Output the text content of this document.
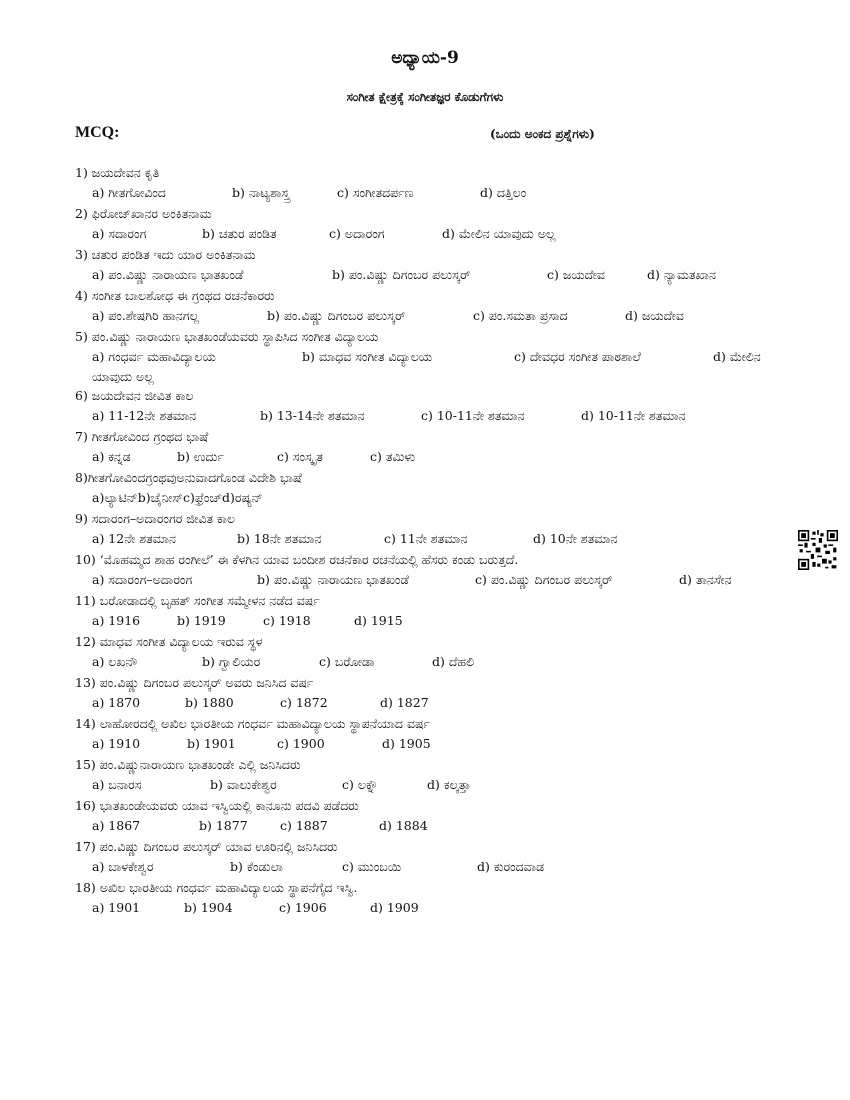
ಅಧ್ಯಾಯ-9
ಸಂಗೀತ ಕ್ಷೇತ್ರಕ್ಕೆ ಸಂಗೀತಜ್ಞರ ಕೊಡುಗೆಗಳು
MCQ:	(ಒಂದು ಅಂಕದ ಪ್ರಶ್ನೆಗಳು)
1) ಜಯದೇವನ ಕೃತಿ
a) ಗೀತಗೋವಿಂದ	b) ನಾಟ್ಯಶಾಸ್ತ್ರ	c) ಸಂಗೀತದರ್ಪಣ	d) ದತ್ತಿಲಂ
2) ಫಿರೋಜ್‌ಖಾನರ ಅಂಕಿತನಾಮ
a) ಸದಾರಂಗ	b) ಚತುರ ಪಂಡಿತ	c) ಅದಾರಂಗ	d) ಮೇಲಿನ ಯಾವುದು ಅಲ್ಲ
3) ಚತುರ ಪಂಡಿತ ಇದು ಯಾರ ಅಂಕಿತನಾಮ
a) ಪಂ.ವಿಷ್ಣು ನಾರಾಯಣ ಭಾತಖಂಡೆ	b) ಪಂ.ವಿಷ್ಣು ದಿಗಂಬರ ಪಲುಸ್ಕರ್	c) ಜಯದೇವ	d) ನ್ಯಾಮತಖಾನ
4) ಸಂಗೀತ ಬಾಲಶೋಧ ಈ ಗ್ರಂಥದ ರಚನೆಕಾರರು
a) ಪಂ.ಶೇಷಗಿರಿ ಹಾನಗಲ್ಲ	b) ಪಂ.ವಿಷ್ಣು ದಿಗಂಬರ ಪಲುಸ್ಕರ್	c) ಪಂ.ಸಮತಾ ಪ್ರಸಾದ	d) ಜಯದೇವ
5) ಪಂ.ವಿಷ್ಣು ನಾರಾಯಣ ಭಾತಖಂಡೆಯವರು ಸ್ಥಾಪಿಸಿದ ಸಂಗೀತ ವಿದ್ಯಾಲಯ
a) ಗಂಧರ್ವ ಮಹಾವಿದ್ಯಾಲಯ	b) ಮಾಧವ ಸಂಗೀತ ವಿದ್ಯಾಲಯ	c) ದೇವಧರ ಸಂಗೀತ ಪಾಠಶಾಲೆ	d) ಮೇಲಿನ
ಯಾವುದು ಅಲ್ಲ
6) ಜಯದೇವನ ಜೀವಿತ ಕಾಲ
a) 11-12ನೇ ಶತಮಾನ	b) 13-14ನೇ ಶತಮಾನ	c) 10-11ನೇ ಶತಮಾನ	d) 10-11ನೇ ಶತಮಾನ
7) ಗೀತಗೋವಿಂದ ಗ್ರಂಥದ ಭಾಷೆ
a) ಕನ್ನಡ	b) ಉರ್ದು	c) ಸಂಸ್ಕೃತ	c) ತಮಿಳು
8)ಗೀತಗೋವಿಂದಗ್ರಂಥವುಅನುವಾದಗೊಂಡ ವಿದೇಶಿ ಭಾಷೆ
a)ಲ್ಯಾಟಿನ್b)ಚೈನೀಸ್c)ಫ್ರೆಂಚ್d)ರಷ್ಯನ್
9) ಸದಾರಂಗ–ಅದಾರಂಗರ ಜೀವಿತ ಕಾಲ
a) 12ನೇ ಶತಮಾನ	b) 18ನೇ ಶತಮಾನ	c) 11ನೇ ಶತಮಾನ	d) 10ನೇ ಶತಮಾನ
10) ‘ಮೊಹಮ್ಮದ ಶಾಹ ರಂಗೀಲೆ’ ಈ ಕೆಳಗಿನ ಯಾವ ಬಂದೀಶ ರಚನೆಕಾರ ರಚನೆಯಲ್ಲಿ ಹೆಸರು ಕಂಡು ಬರುತ್ತದೆ.
a) ಸದಾರಂಗ–ಅದಾರಂಗ	b) ಪಂ.ವಿಷ್ಣು ನಾರಾಯಣ ಭಾತಖಂಡೆ	c) ಪಂ.ವಿಷ್ಣು ದಿಗಂಬರ ಪಲುಸ್ಕರ್	d) ತಾನಸೇನ
11) ಬರೋಡಾದಲ್ಲಿ ಬೃಹತ್ ಸಂಗೀತ ಸಮ್ಮೇಳನ ನಡೆದ ವರ್ಷ
a) 1916	b) 1919	c) 1918	d) 1915
12) ಮಾಧವ ಸಂಗೀತ ವಿದ್ಯಾಲಯ ಇರುವ ಸ್ಥಳ
a) ಲಖನೌ	b) ಗ್ವಾಲಿಯರ	c) ಬರೋಡಾ	d) ದೆಹಲಿ
13) ಪಂ.ವಿಷ್ಣು ದಿಗಂಬರ ಪಲುಸ್ಕರ್ ಅವರು ಜನಿಸಿದ ವರ್ಷ
a) 1870	b) 1880	c) 1872	d) 1827
14) ಲಾಹೋರದಲ್ಲಿ ಅಖಿಲ ಭಾರತೀಯ ಗಂಧರ್ವ ಮಹಾವಿದ್ಯಾಲಯ ಸ್ಥಾಪನೆಯಾದ ವರ್ಷ
a) 1910	b) 1901	c) 1900	d) 1905
15) ಪಂ.ವಿಷ್ಣುನಾರಾಯಣ ಭಾತಖಂಡೇ ಎಲ್ಲಿ ಜನಿಸಿದರು
a) ಬನಾರಸ	b) ವಾಲುಕೇಶ್ವರ	c) ಲಕ್ನೌ	d) ಕಲ್ಕತ್ತಾ
16) ಭಾತಖಂಡೇಯವರು ಯಾವ ಇಸ್ವಿಯಲ್ಲಿ ಕಾನೂನು ಪದವಿ ಪಡೆದರು
a) 1867	b) 1877	c) 1887	d) 1884
17) ಪಂ.ವಿಷ್ಣು ದಿಗಂಬರ ಪಲುಸ್ಕರ್ ಯಾವ ಊರಿನಲ್ಲಿ ಜನಿಸಿದರು
a) ಬಾಳಕೇಶ್ವರ	b) ಕೆಂಡುಲಾ	c) ಮುಂಬಯಿ	d) ಕುರಂದವಾಡ
18) ಅಖಿಲ ಭಾರತೀಯ ಗಂಧರ್ವ ಮಹಾವಿದ್ಯಾಲಯ ಸ್ಥಾಪನೆಗೈದ ಇಸ್ವಿ.
a) 1901	b) 1904	c) 1906	d) 1909
